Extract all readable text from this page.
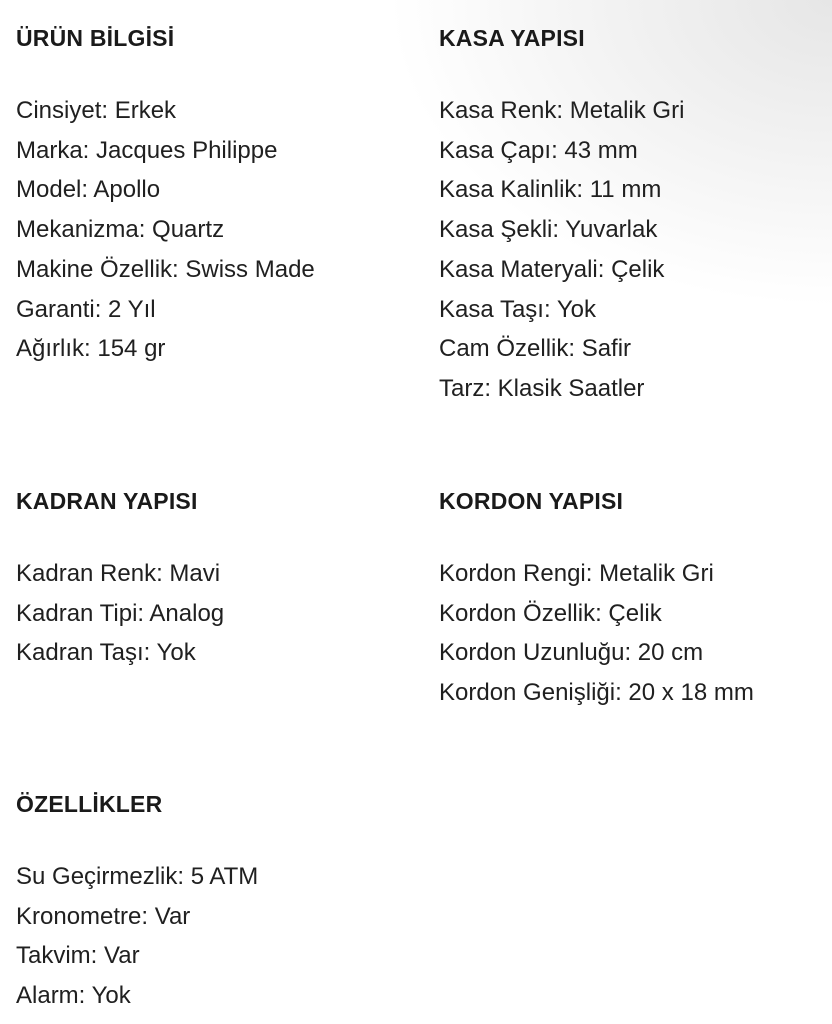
ÜRÜN BİLGİSİ
Cinsiyet: Erkek
Marka: Jacques Philippe
Model: Apollo
Mekanizma: Quartz
Makine Özellik: Swiss Made
Garanti: 2 Yıl
Ağırlık: 154 gr
KASA YAPISI
Kasa Renk: Metalik Gri
Kasa Çapı: 43 mm
Kasa Kalinlik: 11 mm
Kasa Şekli: Yuvarlak
Kasa Materyali: Çelik
Kasa Taşı: Yok
Cam Özellik: Safir
Tarz: Klasik Saatler
KADRAN YAPISI
Kadran Renk: Mavi
Kadran Tipi: Analog
Kadran Taşı: Yok
KORDON YAPISI
Kordon Rengi: Metalik Gri
Kordon Özellik: Çelik
Kordon Uzunluğu: 20 cm
Kordon Genişliği: 20 x 18 mm
ÖZELLİKLER
Su Geçirmezlik: 5 ATM
Kronometre: Var
Takvim: Var
Alarm: Yok
